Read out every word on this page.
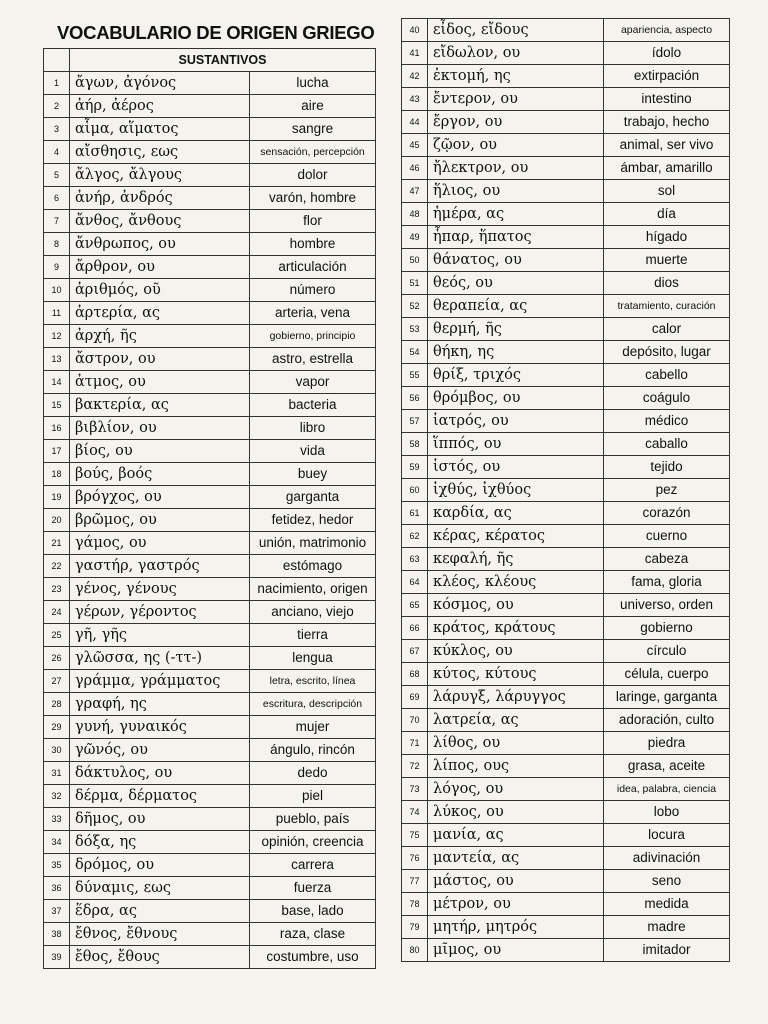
VOCABULARIO DE ORIGEN GRIEGO
	SUSTANTIVOS	
1	ἄγων, ἀγόνος	lucha
2	ἀήρ, ἀέρος	aire
3	αἷμα, αἵματος	sangre
4	αἴσθησις, εως	sensación, percepción
5	ἄλγος, ἄλγους	dolor
6	ἀνήρ, ἀνδρός	varón, hombre
7	ἄνθος, ἄνθους	flor
8	ἄνθρωπος, ου	hombre
9	ἄρθρον, ου	articulación
10	ἀριθμός, οῦ	número
11	ἀρτερία, ας	arteria, vena
12	ἀρχή, ῆς	gobierno, principio
13	ἄστρον, ου	astro, estrella
14	ἀτμος, ου	vapor
15	βακτερία, ας	bacteria
16	βιβλίον, ου	libro
17	βίος, ου	vida
18	βούς, βοός	buey
19	βρόγχος, ου	garganta
20	βρῶμος, ου	fetidez, hedor
21	γάμος, ου	unión, matrimonio
22	γαστήρ, γαστρός	estómago
23	γένος, γένους	nacimiento, origen
24	γέρων, γέροντος	anciano, viejo
25	γῆ, γῆς	tierra
26	γλῶσσα, ης (-ττ-)	lengua
27	γράμμα, γράμματος	letra, escrito, línea
28	γραφή, ης	escritura, descripción
29	γυνή, γυναικός	mujer
30	γῶνός, ου	ángulo, rincón
31	δάκτυλος, ου	dedo
32	δέρμα, δέρματος	piel
33	δῆμος, ου	pueblo, país
34	δόξα, ης	opinión, creencia
35	δρόμος, ου	carrera
36	δύναμις, εως	fuerza
37	ἕδρα, ας	base, lado
38	ἔθνος, ἔθνους	raza, clase
39	ἔθος, ἔθους	costumbre, uso
40	εἶδος, εἴδους	apariencia, aspecto
41	εἴδωλον, ου	ídolo
42	ἐκτομή, ης	extirpación
43	ἔντερον, ου	intestino
44	ἔργον, ου	trabajo, hecho
45	ζῷον, ου	animal, ser vivo
46	ἤλεκτρον, ου	ámbar, amarillo
47	ἥλιος, ου	sol
48	ἡμέρα, ας	día
49	ἧπαρ, ἥπατος	hígado
50	θάνατος, ου	muerte
51	θεός, ου	dios
52	θεραπεία, ας	tratamiento, curación
53	θερμή, ῆς	calor
54	θήκη, ης	depósito, lugar
55	θρίξ, τριχός	cabello
56	θρόμβος, ου	coágulo
57	ἰατρός, ου	médico
58	ἵππός, ου	caballo
59	ἱστός, ου	tejido
60	ἰχθύς, ἰχθύος	pez
61	καρδία, ας	corazón
62	κέρας, κέρατος	cuerno
63	κεφαλή, ῆς	cabeza
64	κλέος, κλέους	fama, gloria
65	κόσμος, ου	universo, orden
66	κράτος, κράτους	gobierno
67	κύκλος, ου	círculo
68	κύτος, κύτους	célula, cuerpo
69	λάρυγξ, λάρυγγος	laringe, garganta
70	λατρεία, ας	adoración, culto
71	λίθος, ου	piedra
72	λίπος, ους	grasa, aceite
73	λόγος, ου	idea, palabra, ciencia
74	λύκος, ου	lobo
75	μανία, ας	locura
76	μαντεία, ας	adivinación
77	μάστος, ου	seno
78	μέτρον, ου	medida
79	μητήρ, μητρός	madre
80	μῖμος, ου	imitador
